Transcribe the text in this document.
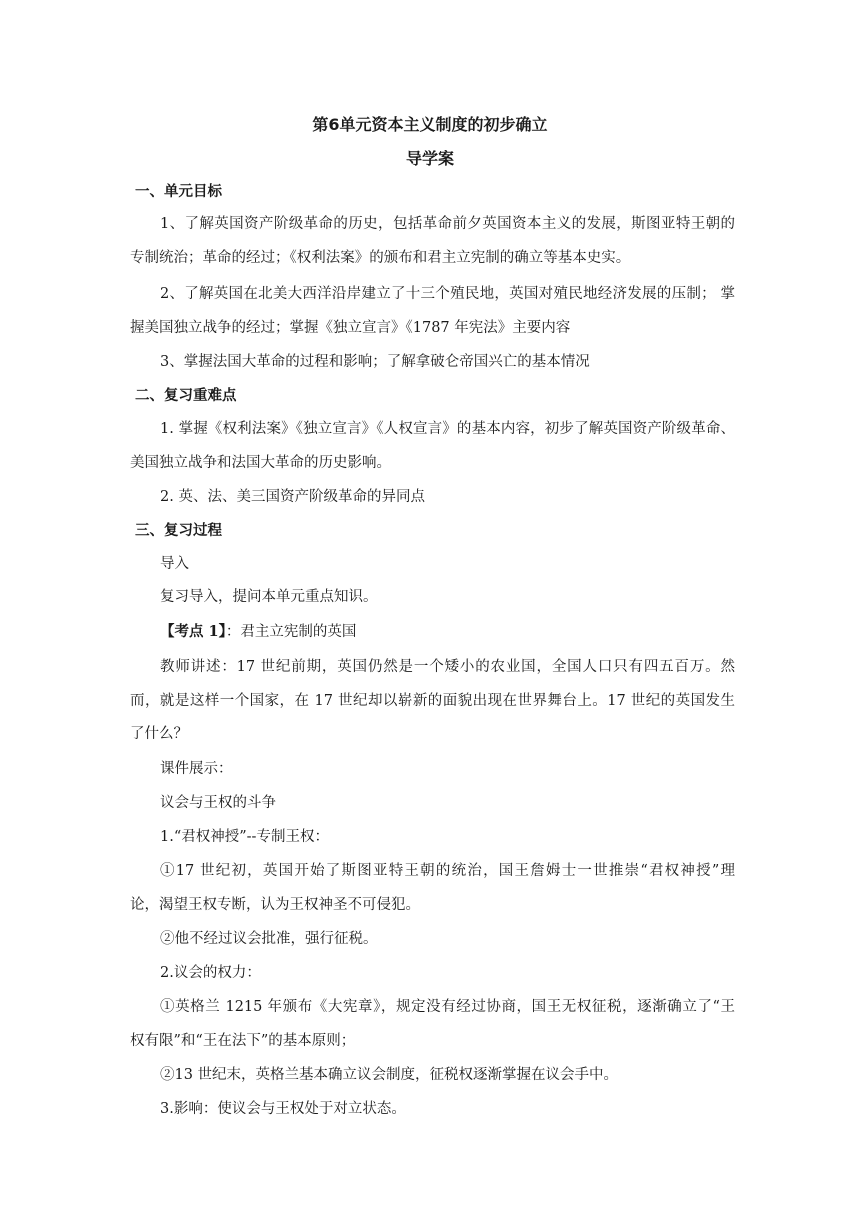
第6单元资本主义制度的初步确立
导学案
一、单元目标
1、了解英国资产阶级革命的历史，包括革命前夕英国资本主义的发展，斯图亚特王朝的
专制统治；革命的经过；《权利法案》的颁布和君主立宪制的确立等基本史实。
2、了解英国在北美大西洋沿岸建立了十三个殖民地，英国对殖民地经济发展的压制； 掌
握美国独立战争的经过；掌握《独立宣言》《1787 年宪法》主要内容
3、掌握法国大革命的过程和影响；了解拿破仑帝国兴亡的基本情况
二、复习重难点
1. 掌握《权利法案》《独立宣言》《人权宣言》的基本内容，初步了解英国资产阶级革命、
美国独立战争和法国大革命的历史影响。
2. 英、法、美三国资产阶级革命的异同点
三、复习过程
导入
复习导入，提问本单元重点知识。
【考点 1】：君主立宪制的英国
教师讲述：17 世纪前期，英国仍然是一个矮小的农业国，全国人口只有四五百万。然
而，就是这样一个国家，在 17 世纪却以崭新的面貌出现在世界舞台上。17 世纪的英国发生
了什么？
课件展示：
议会与王权的斗争
1.“君权神授”--专制王权：
①17 世纪初，英国开始了斯图亚特王朝的统治，国王詹姆士一世推崇“君权神授”理
论，渴望王权专断，认为王权神圣不可侵犯。
②他不经过议会批准，强行征税。
2.议会的权力：
①英格兰 1215 年颁布《大宪章》，规定没有经过协商，国王无权征税，逐渐确立了“王
权有限”和“王在法下”的基本原则；
②13 世纪末，英格兰基本确立议会制度，征税权逐渐掌握在议会手中。
3.影响：使议会与王权处于对立状态。
